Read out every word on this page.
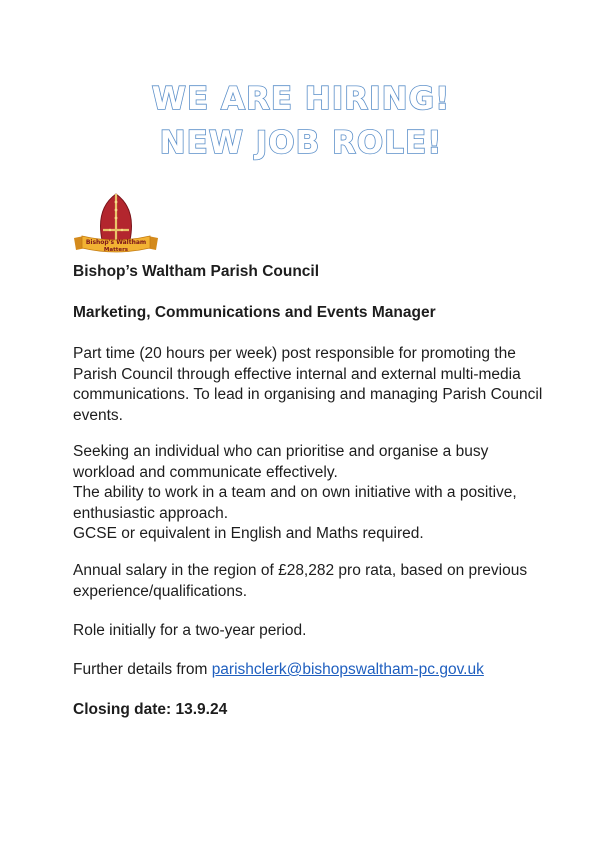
WE ARE HIRING!
NEW JOB ROLE!
Bishop's Waltham
Matters
Bishop’s Waltham Parish Council
Marketing, Communications and Events Manager
Part time (20 hours per week) post responsible for promoting the
Parish Council through effective internal and external multi-media
communications. To lead in organising and managing Parish Council
events.
Seeking an individual who can prioritise and organise a busy
workload and communicate effectively.
The ability to work in a team and on own initiative with a positive,
enthusiastic approach.
GCSE or equivalent in English and Maths required.
Annual salary in the region of £28,282 pro rata, based on previous
experience/qualifications.
Role initially for a two-year period.
Further details from parishclerk@bishopswaltham-pc.gov.uk
Closing date: 13.9.24
